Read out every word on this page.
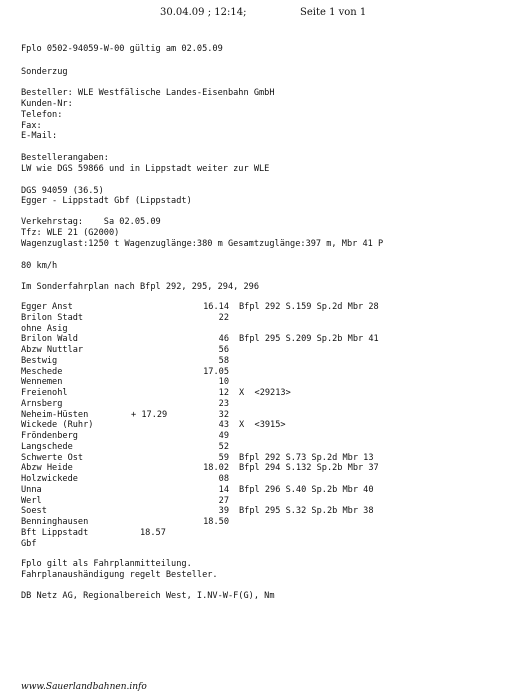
30.04.09 ; 12:14;	Seite 1 von 1
Fplo 0502-94059-W-00 gültig am 02.05.09
Sonderzug
Besteller: WLE Westfälische Landes-Eisenbahn GmbH
Kunden-Nr:
Telefon:
Fax:
E-Mail:
Bestellerangaben:
LW wie DGS 59866 und in Lippstadt weiter zur WLE
DGS 94059 (36.5)
Egger - Lippstadt Gbf (Lippstadt)
Verkehrstag:    Sa 02.05.09
Tfz: WLE 21 (G2000)
Wagenzuglast:1250 t Wagenzuglänge:380 m Gesamtzuglänge:397 m, Mbr 41 P
80 km/h
Im Sonderfahrplan nach Bfpl 292, 295, 294, 296
Egger Anst	16.14 Bfpl 292 S.159 Sp.2d Mbr 28
Brilon Stadt	22
ohne Asig
Brilon Wald	46 Bfpl 295 S.209 Sp.2b Mbr 41
Abzw Nuttlar	56
Bestwig	58
Meschede	17.05
Wennemen	10
Freienohl	12 X  <29213>
Arnsberg	23
Neheim-Hüsten	+ 17.29	32
Wickede (Ruhr)	43 X  <3915>
Fröndenberg	49
Langschede	52
Schwerte Ost	59 Bfpl 292 S.73 Sp.2d Mbr 13
Abzw Heide	18.02 Bfpl 294 S.132 Sp.2b Mbr 37
Holzwickede	08
Unna	14 Bfpl 296 S.40 Sp.2b Mbr 40
Werl	27
Soest	39 Bfpl 295 S.32 Sp.2b Mbr 38
Benninghausen	18.50
Bft Lippstadt	18.57
Gbf
Fplo gilt als Fahrplanmitteilung.
Fahrplanaushändigung regelt Besteller.
DB Netz AG, Regionalbereich West, I.NV-W-F(G), Nm
www.Sauerlandbahnen.info
